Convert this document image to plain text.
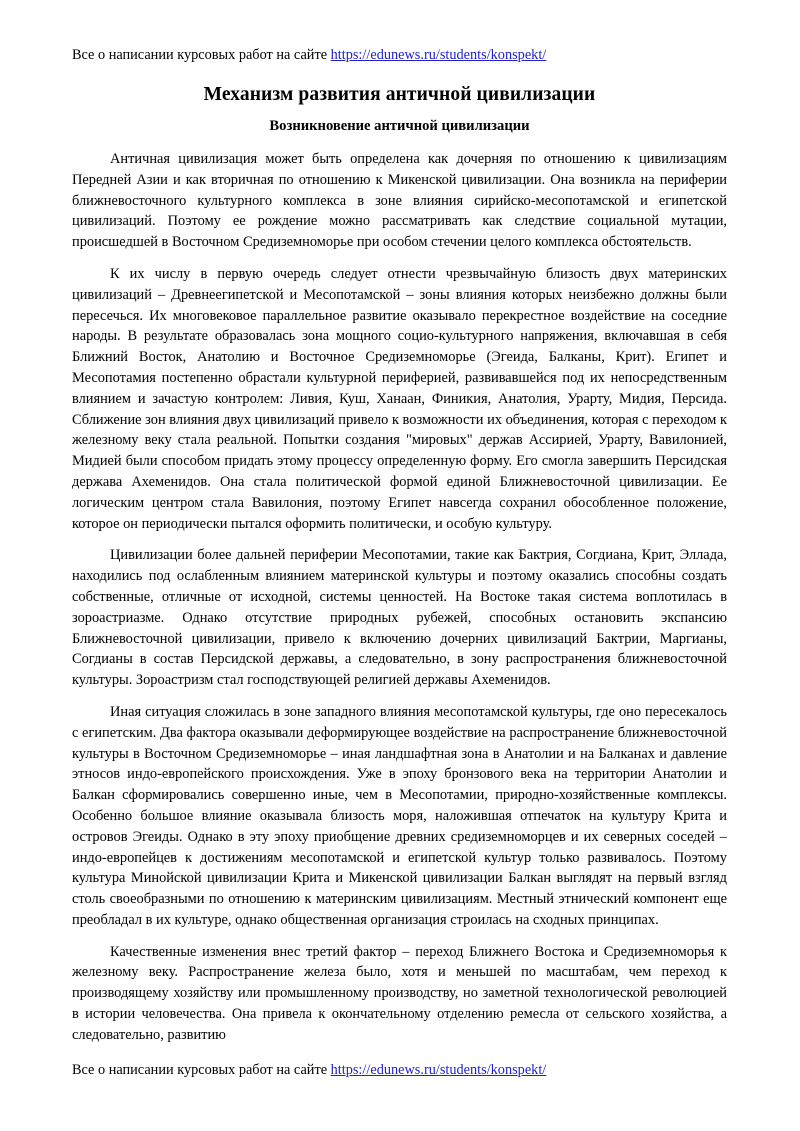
Все о написании курсовых работ на сайте https://edunews.ru/students/konspekt/
Механизм развития античной цивилизации
Возникновение античной цивилизации

Античная цивилизация может быть определена как дочерняя по отношению к цивилизациям Передней Азии и как вторичная по отношению к Микенской цивилизации. Она возникла на периферии ближневосточного культурного комплекса в зоне влияния сирийско-месопотамской и египетской цивилизаций. Поэтому ее рождение можно рассматривать как следствие социальной мутации, происшедшей в Восточном Средиземноморье при особом стечении целого комплекса обстоятельств.

К их числу в первую очередь следует отнести чрезвычайную близость двух материнских цивилизаций – Древнеегипетской и Месопотамской – зоны влияния которых неизбежно должны были пересечься. Их многовековое параллельное развитие оказывало перекрестное воздействие на соседние народы. В результате образовалась зона мощного социо-культурного напряжения, включавшая в себя Ближний Восток, Анатолию и Восточное Средиземноморье (Эгеида, Балканы, Крит). Египет и Месопотамия постепенно обрастали культурной периферией, развивавшейся под их непосредственным влиянием и зачастую контролем: Ливия, Куш, Ханаан, Финикия, Анатолия, Урарту, Мидия, Персида. Сближение зон влияния двух цивилизаций привело к возможности их объединения, которая с переходом к железному веку стала реальной. Попытки создания "мировых" держав Ассирией, Урарту, Вавилонией, Мидией были способом придать этому процессу определенную форму. Его смогла завершить Персидская держава Ахеменидов. Она стала политической формой единой Ближневосточной цивилизации. Ее логическим центром стала Вавилония, поэтому Египет навсегда сохранил обособленное положение, которое он периодически пытался оформить политически, и особую культуру.

Цивилизации более дальней периферии Месопотамии, такие как Бактрия, Согдиана, Крит, Эллада, находились под ослабленным влиянием материнской культуры и поэтому оказались способны создать собственные, отличные от исходной, системы ценностей. На Востоке такая система воплотилась в зороастриазме. Однако отсутствие природных рубежей, способных остановить экспансию Ближневосточной цивилизации, привело к включению дочерних цивилизаций Бактрии, Маргианы, Согдианы в состав Персидской державы, а следовательно, в зону распространения ближневосточной культуры. Зороастризм стал господствующей религией державы Ахеменидов.

Иная ситуация сложилась в зоне западного влияния месопотамской культуры, где оно пересекалось с египетским. Два фактора оказывали деформирующее воздействие на распространение ближневосточной культуры в Восточном Средиземноморье – иная ландшафтная зона в Анатолии и на Балканах и давление этносов индо-европейского происхождения. Уже в эпоху бронзового века на территории Анатолии и Балкан сформировались совершенно иные, чем в Месопотамии, природно-хозяйственные комплексы. Особенно большое влияние оказывала близость моря, наложившая отпечаток на культуру Крита и островов Эгеиды. Однако в эту эпоху приобщение древних средиземноморцев и их северных соседей – индо-европейцев к достижениям месопотамской и египетской культур только развивалось. Поэтому культура Минойской цивилизации Крита и Микенской цивилизации Балкан выглядят на первый взгляд столь своеобразными по отношению к материнским цивилизациям. Местный этнический компонент еще преобладал в их культуре, однако общественная организация строилась на сходных принципах.

Качественные изменения внес третий фактор – переход Ближнего Востока и Средиземноморья к железному веку. Распространение железа было, хотя и меньшей по масштабам, чем переход к производящему хозяйству или промышленному производству, но заметной технологической революцией в истории человечества. Она привела к окончательному отделению ремесла от сельского хозяйства, а следовательно, развитию

Все о написании курсовых работ на сайте https://edunews.ru/students/konspekt/
